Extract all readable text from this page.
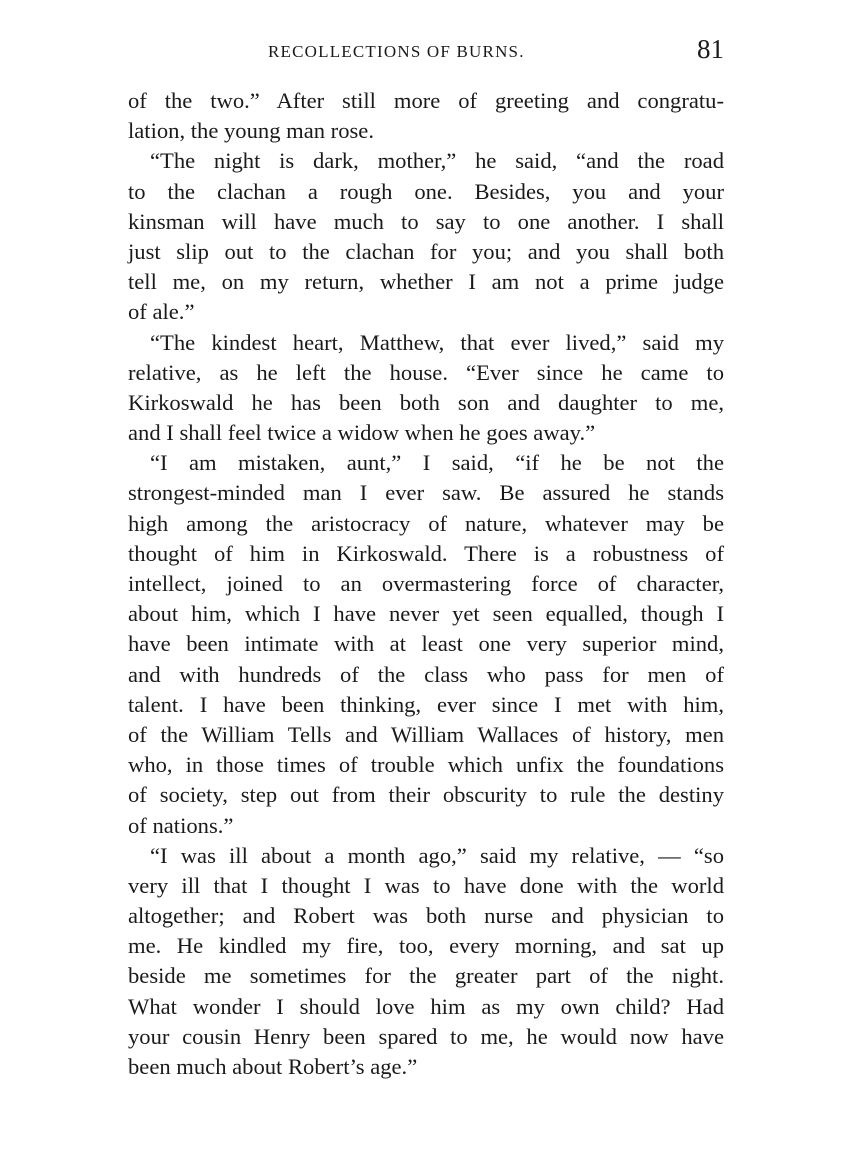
RECOLLECTIONS OF BURNS.	81
of the two.” After still more of greeting and congratu-
lation, the young man rose.
“The night is dark, mother,” he said, “and the road
to the clachan a rough one. Besides, you and your
kinsman will have much to say to one another. I shall
just slip out to the clachan for you; and you shall both
tell me, on my return, whether I am not a prime judge
of ale.”
“The kindest heart, Matthew, that ever lived,” said my
relative, as he left the house. “Ever since he came to
Kirkoswald he has been both son and daughter to me,
and I shall feel twice a widow when he goes away.”
“I am mistaken, aunt,” I said, “if he be not the
strongest-minded man I ever saw. Be assured he stands
high among the aristocracy of nature, whatever may be
thought of him in Kirkoswald. There is a robustness of
intellect, joined to an overmastering force of character,
about him, which I have never yet seen equalled, though I
have been intimate with at least one very superior mind,
and with hundreds of the class who pass for men of
talent. I have been thinking, ever since I met with him,
of the William Tells and William Wallaces of history, men
who, in those times of trouble which unfix the foundations
of society, step out from their obscurity to rule the destiny
of nations.”
“I was ill about a month ago,” said my relative, — “so
very ill that I thought I was to have done with the world
altogether; and Robert was both nurse and physician to
me. He kindled my fire, too, every morning, and sat up
beside me sometimes for the greater part of the night.
What wonder I should love him as my own child? Had
your cousin Henry been spared to me, he would now have
been much about Robert’s age.”
